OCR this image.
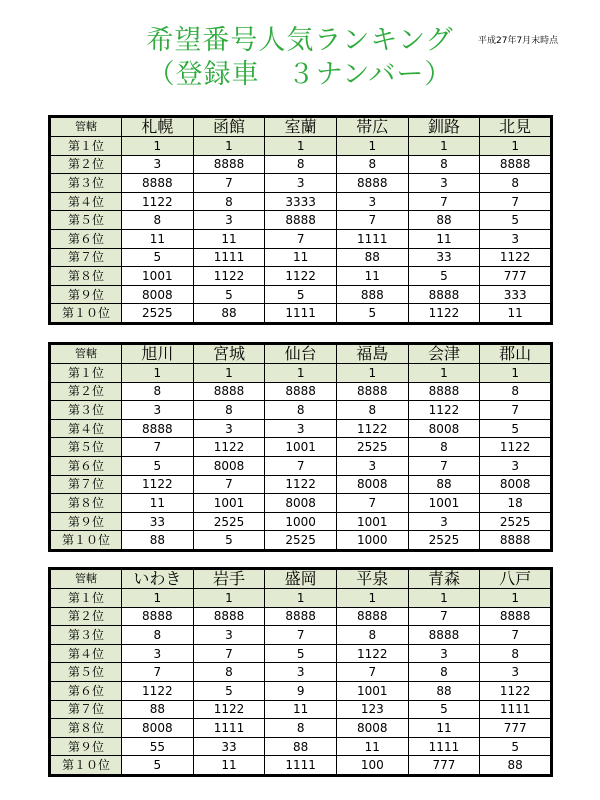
希望番号人気ランキング
（登録車　３ナンバー）
平成27年7月末時点
管轄	札幌	函館	室蘭	帯広	釧路	北見
第１位	1	1	1	1	1	1
第２位	3	8888	8	8	8	8888
第３位	8888	7	3	8888	3	8
第４位	1122	8	3333	3	7	7
第５位	8	3	8888	7	88	5
第６位	11	11	7	1111	11	3
第７位	5	1111	11	88	33	1122
第８位	1001	1122	1122	11	5	777
第９位	8008	5	5	888	8888	333
第１０位	2525	88	1111	5	1122	11
管轄	旭川	宮城	仙台	福島	会津	郡山
第１位	1	1	1	1	1	1
第２位	8	8888	8888	8888	8888	8
第３位	3	8	8	8	1122	7
第４位	8888	3	3	1122	8008	5
第５位	7	1122	1001	2525	8	1122
第６位	5	8008	7	3	7	3
第７位	1122	7	1122	8008	88	8008
第８位	11	1001	8008	7	1001	18
第９位	33	2525	1000	1001	3	2525
第１０位	88	5	2525	1000	2525	8888
管轄	いわき	岩手	盛岡	平泉	青森	八戸
第１位	1	1	1	1	1	1
第２位	8888	8888	8888	8888	7	8888
第３位	8	3	7	8	8888	7
第４位	3	7	5	1122	3	8
第５位	7	8	3	7	8	3
第６位	1122	5	9	1001	88	1122
第７位	88	1122	11	123	5	1111
第８位	8008	1111	8	8008	11	777
第９位	55	33	88	11	1111	5
第１０位	5	11	1111	100	777	88
